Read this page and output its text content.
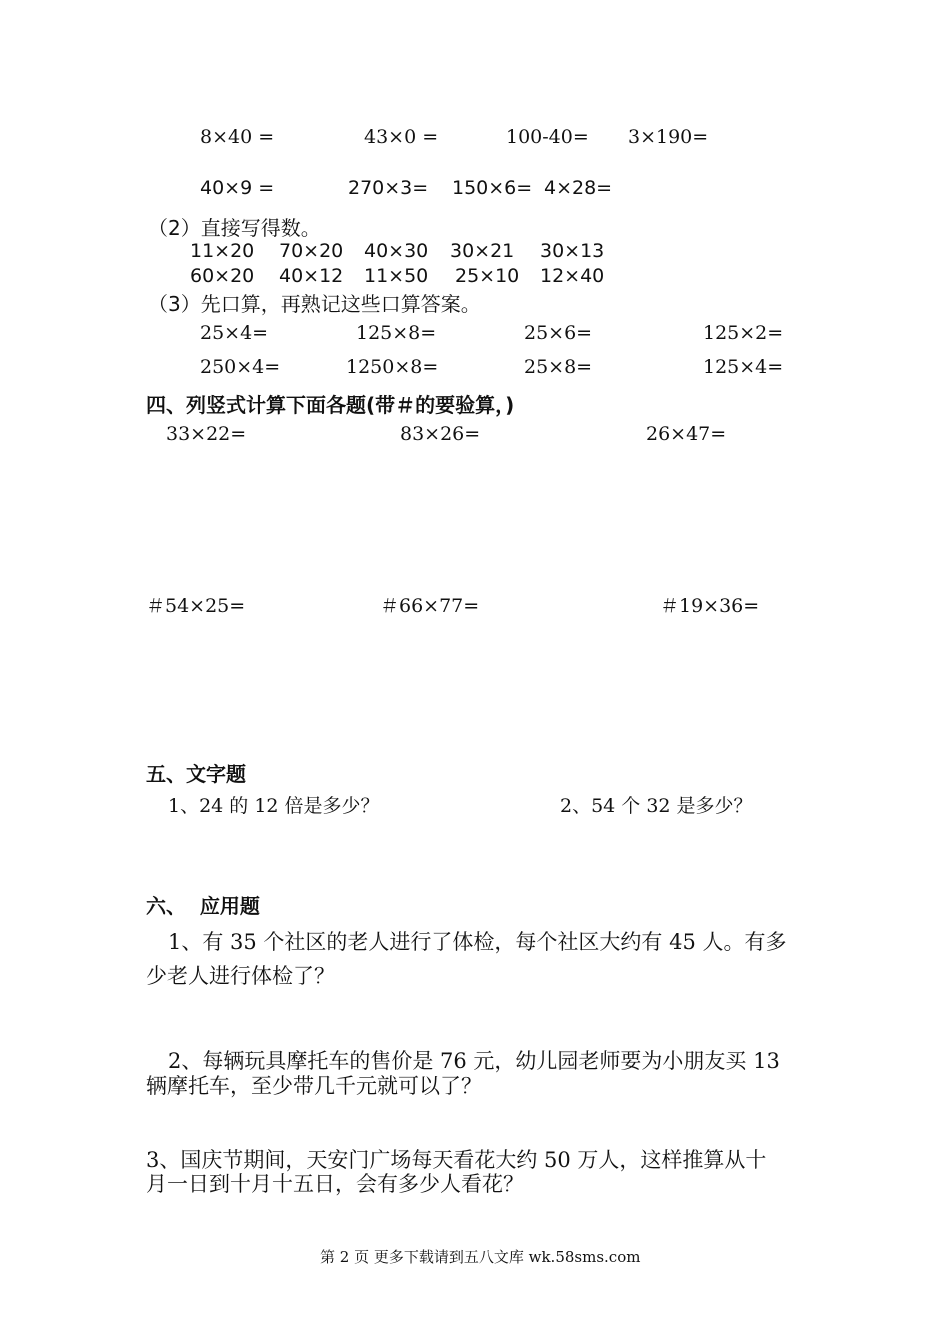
8×40 =	43×0 =	100-40= 3×190=
40×9 =	270×3= 150×6= 4×28=
（2）直接写得数。
11×20 70×20 40×30 30×21 30×13
60×20 40×12 11×50 25×10 12×40
（3）先口算，再熟记这些口算答案。
25×4=	125×8=	25×6=	125×2=
250×4=	1250×8=	25×8=	125×4=
四、列竖式计算下面各题(带＃的要验算，)
33×22=	83×26=	26×47=
＃54×25=	＃66×77=	＃19×36=
五、文字题
1、24 的 12 倍是多少？	2、54 个 32 是多少？
六、  应用题
1、有 35 个社区的老人进行了体检，每个社区大约有 45 人。有多
少老人进行体检了？
2、每辆玩具摩托车的售价是 76 元，幼儿园老师要为小朋友买 13
辆摩托车，至少带几千元就可以了？
3、国庆节期间，天安门广场每天看花大约 50 万人，这样推算从十
月一日到十月十五日，会有多少人看花？
第 2 页 更多下载请到五八文库 wk.58sms.com
